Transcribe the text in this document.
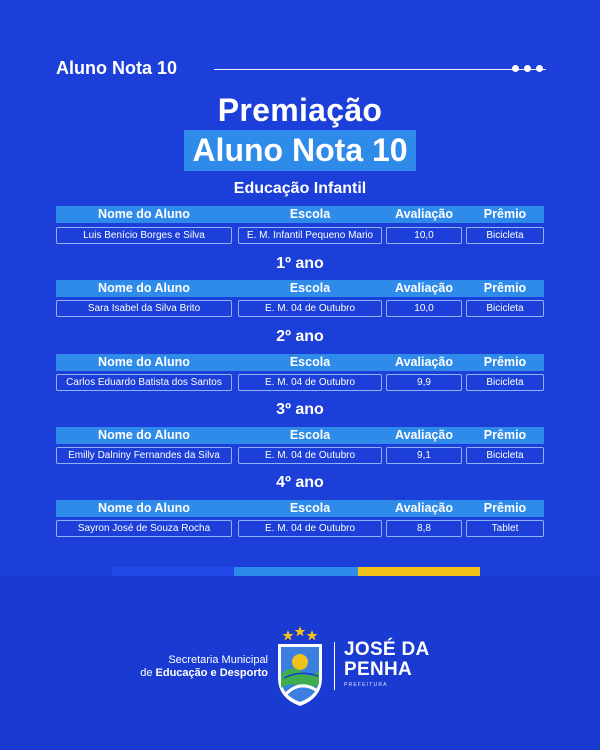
Aluno Nota 10
Premiação
Aluno Nota 10
Educação Infantil
Nome do Aluno	Escola	Avaliação	Prêmio
Luis Benício Borges e Silva	E. M. Infantil Pequeno Mario	10,0	Bicicleta
1º ano
Nome do Aluno	Escola	Avaliação	Prêmio
Sara Isabel da Silva Brito	E. M. 04 de Outubro	10,0	Bicicleta
2º ano
Nome do Aluno	Escola	Avaliação	Prêmio
Carlos Eduardo Batista dos Santos	E. M. 04 de Outubro	9,9	Bicicleta
3º ano
Nome do Aluno	Escola	Avaliação	Prêmio
Emilly Dalniny Fernandes da Silva	E. M. 04 de Outubro	9,1	Bicicleta
4º ano
Nome do Aluno	Escola	Avaliação	Prêmio
Sayron José de Souza Rocha	E. M. 04 de Outubro	8,8	Tablet
Secretaria Municipal
de Educação e Desporto
JOSÉ DA
PENHA
PREFEITURA
